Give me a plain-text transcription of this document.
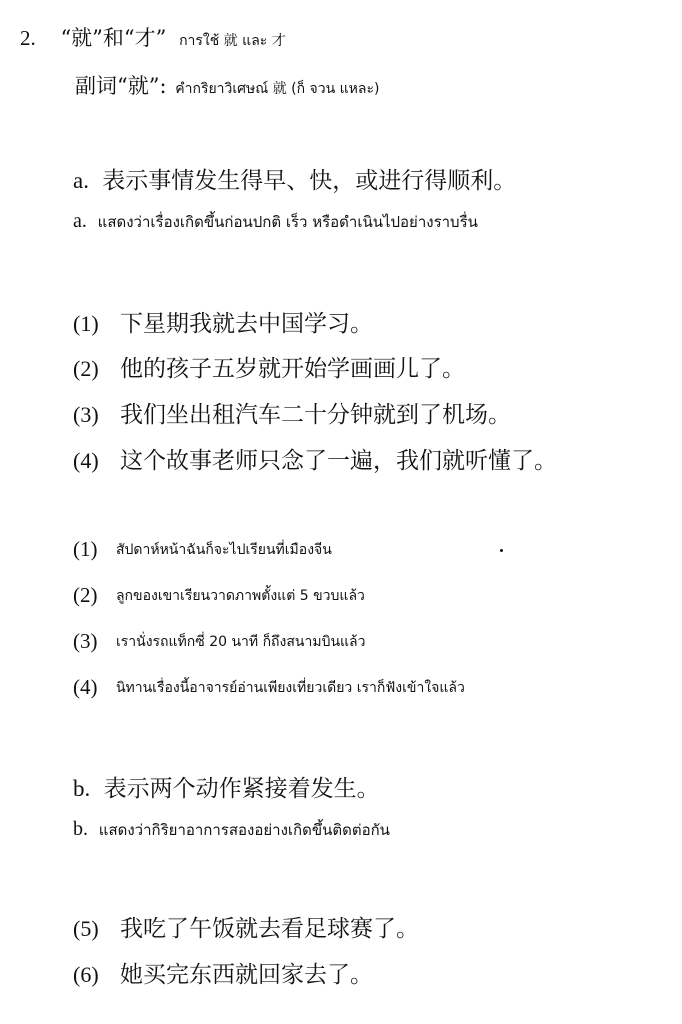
2. “就”和“才” การใช้ 就 และ 才
副词“就”: คำกริยาวิเศษณ์ 就 (ก็ จวน แหละ)
a. 表示事情发生得早、快，或进行得顺利。
a. แสดงว่าเรื่องเกิดขึ้นก่อนปกติ เร็ว หรือดำเนินไปอย่างราบรื่น
(1) 下星期我就去中国学习。
(2) 他的孩子五岁就开始学画画儿了。
(3) 我们坐出租汽车二十分钟就到了机场。
(4) 这个故事老师只念了一遍，我们就听懂了。
(1) สัปดาห์หน้าฉันก็จะไปเรียนที่เมืองจีน
(2) ลูกของเขาเรียนวาดภาพตั้งแต่ 5 ขวบแล้ว
(3) เรานั่งรถแท็กซี่ 20 นาที ก็ถึงสนามบินแล้ว
(4) นิทานเรื่องนี้อาจารย์อ่านเพียงเที่ยวเดียว เราก็ฟังเข้าใจแล้ว
b. 表示两个动作紧接着发生。
b. แสดงว่ากิริยาอาการสองอย่างเกิดขึ้นติดต่อกัน
(5) 我吃了午饭就去看足球赛了。
(6) 她买完东西就回家去了。
